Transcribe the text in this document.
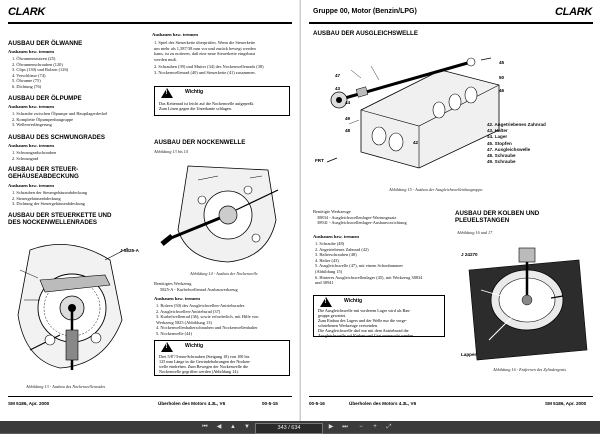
CLARK
AUSBAU DER ÖLWANNE
Ausbauen bzw. trennen
1. Ölwannenstutzen (25)
2. Ölwannenschrauben (120)
3. Clips (130) und Bolzen (126)
4. Verschlüsse (74)
5. Ölwanne (75)
6. Dichtung (76)
AUSBAU DER ÖLPUMPE
Ausbauen bzw. trennen
1. Schraube zwischen Ölpumpe und Hauptlagerdeckel
2. Komplette Ölpumpenbaugruppe
3. Wellenverlängerung
AUSBAU DES SCHWUNGRADES
Ausbauen bzw. trennen
1. Schwungradschrauben
2. Schwungrad
AUSBAU DER STEUER-
GEHÄUSEABDECKUNG
Ausbauen bzw. trennen
1. Schrauben der Steuergehäuseabdeckung
2. Steuergehäuseabdeckung
3. Dichtung der Steuergehäuseabdeckung
AUSBAU DER STEUERKETTE UND
DES NOCKENWELLENRADES
J 5825-A
Abbildung 13 - Ausbau des Nockenwellenrades
Ausbauen bzw. trennen
1. Spiel des Steuerkette überprüfen. Wenn die Steuerkette
um mehr als 1,587/38 mm vor und zurück bewegt werden
kann, ist zu notieren, daß eine neue Steuerkette eingebaut
werden muß.
2. Schrauben (39) und Mutter (34) des Nockenwellenrads (38)
3. Nockenwellenrad (40) und Steuerkette (41) zusammen.
!
Wichtig
Das Kettenrad ist leicht auf die Nockenwelle aufgepreßt.
Zum Lösen gegen die Unterkante schlagen.
AUSBAU DER NOCKENWELLE
Abbildung 13 bis 14
Abbildung 14 - Ausbau der Nockenwelle
Benötigtes Werkzeug
5825-A - Kurbelwellenrad Ausbauwerkzeug
Ausbauen bzw. trennen
1. Bolzen (50) des Ausgleichwellen-Antriebsrades
2. Ausgleichwellen-Antriebsrad (37)
3. Kurbelwellenrad (36), sowie erforderlich, mit Hilfe von
Werkzeug 5825 (Abbildung 13)
4. Nockenwellenhalterschrauben und Nockenwellenhalter
5. Nockenwelle (44)
!
Wichtig
Drei 5/8"/3-mm-Schrauben (Steigung 18) von 100 bis
125 mm Länge in die Gewindebohrungen der Nocken-
welle eindrehen. Zum Bewegen der Nockenwelle die
Nockenwelle gegriffen werden (Abbildung 14).
SM 5186, Apr. 2000	Überholen des Motors 4.3L, V6	00-5-15
Gruppe 00, Motor (Benzin/LPG)	CLARK
AUSBAU DER AUSGLEICHSWELLE
47
43
44
49
48
45
50
46
42
FRT
42. Angetriebenes Zahnrad
43. Halter
44. Lager
45. Stopfen
47. Ausgleichswelle
48. Schraube
49. Schraube
Abbildung 15 - Ausbau der Ausgleichswellenbaugruppe
Benötigte Werkzeuge
38834 - Ausgleichswellenlager-Wartungssatz
38941 - Ausgleichswellenlager-Ausbauvorrichtung
Ausbauen bzw. trennen
1. Schraube (48)
2. Angetriebenes Zahnrad (42)
3. Halterschrauben (48)
4. Halter (43)
5. Ausgleichswelle (47), mit einem Schonhammer
(Abbildung 15)
6. Hinteres Ausgleichswellenlager (45), mit Werkzeug 38834
und 38941
!
Wichtig
Die Ausgleichswelle mit vorderem Lager wird als Bau-
gruppe gewartet.
Zum Einbau des Lagers und der Welle nur die vorge-
schriebenen Werkzeuge verwenden.
Die Ausgleichswelle darf nur mit dem Antriebsrad der
Ausgleichswelle auf Kerben und Grat untersucht werden.
AUSBAU DER KOLBEN UND
PLEUELSTANGEN
Abbildung 16 und 17
J 24270
Lappen
Abbildung 16 - Entfernen des Zylindergrats
00-5-16	Überholen des Motors 4.3L, V6	SM 5186, Apr. 2000
⏮	◀	▲	▼	343 / 634	▶	⏭	−	+	⤢
